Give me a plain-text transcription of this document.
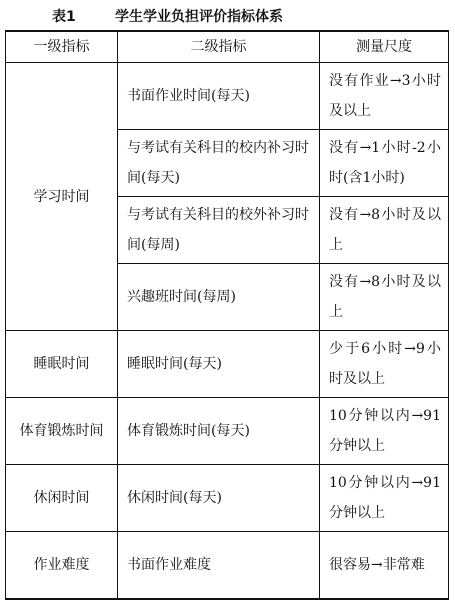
表1	学生学业负担评价指标体系
一级指标	二级指标	测量尺度
学习时间	书面作业时间(每天)	没有作业→3小时及以上
	与考试有关科目的校内补习时间(每天)	没有→1小时-2小时(含1小时)
	与考试有关科目的校外补习时间(每周)	没有→8小时及以上
	兴趣班时间(每周)	没有→8小时及以上
睡眠时间	睡眠时间(每天)	少于6小时→9小时及以上
体育锻炼时间	体育锻炼时间(每天)	10分钟以内→91分钟以上
休闲时间	休闲时间(每天)	10分钟以内→91分钟以上
作业难度	书面作业难度	很容易→非常难
